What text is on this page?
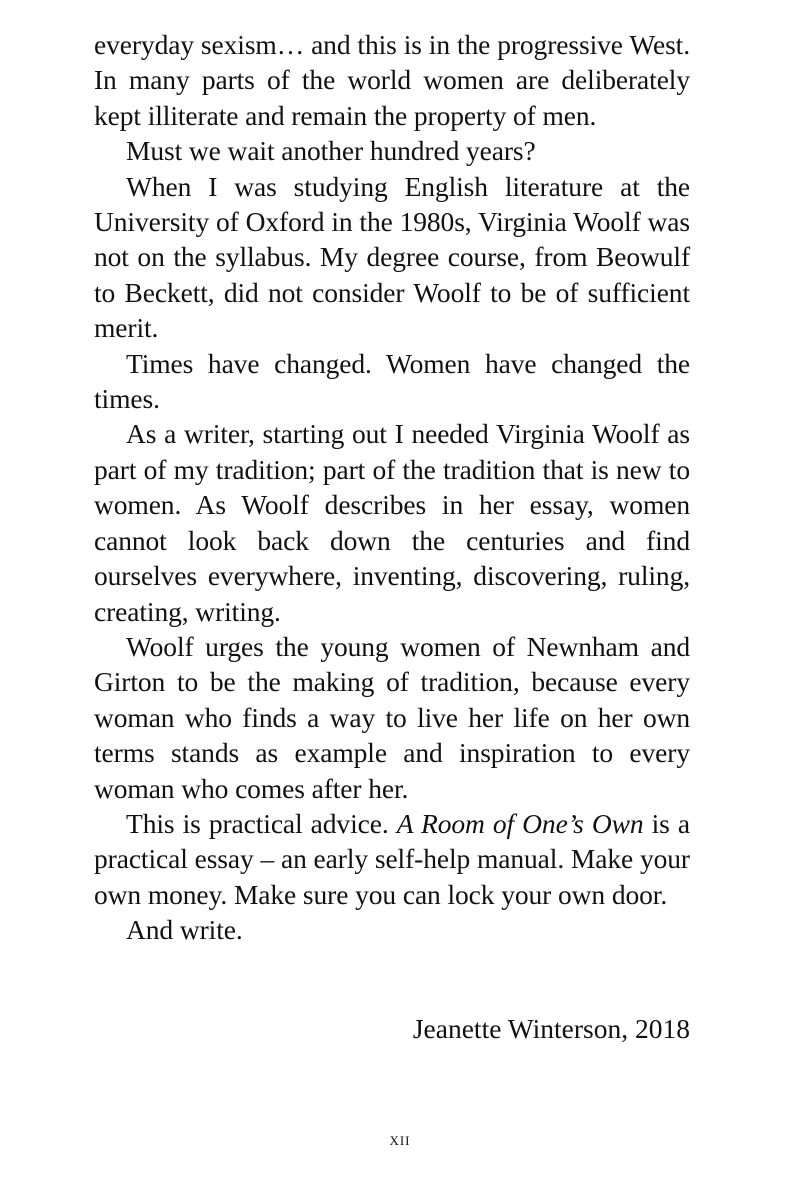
everyday sexism… and this is in the progressive West. In many parts of the world women are deliberately kept illiterate and remain the property of men.

Must we wait another hundred years?

When I was studying English literature at the University of Oxford in the 1980s, Virginia Woolf was not on the syllabus. My degree course, from Beowulf to Beckett, did not consider Woolf to be of sufficient merit.

Times have changed. Women have changed the times.

As a writer, starting out I needed Virginia Woolf as part of my tradition; part of the tradition that is new to women. As Woolf describes in her essay, women cannot look back down the centuries and find ourselves everywhere, inventing, discovering, ruling, creating, writing.

Woolf urges the young women of Newnham and Girton to be the making of tradition, because every woman who finds a way to live her life on her own terms stands as example and inspiration to every woman who comes after her.

This is practical advice. A Room of One’s Own is a practical essay – an early self-help manual. Make your own money. Make sure you can lock your own door.

And write.

Jeanette Winterson, 2018
xii
